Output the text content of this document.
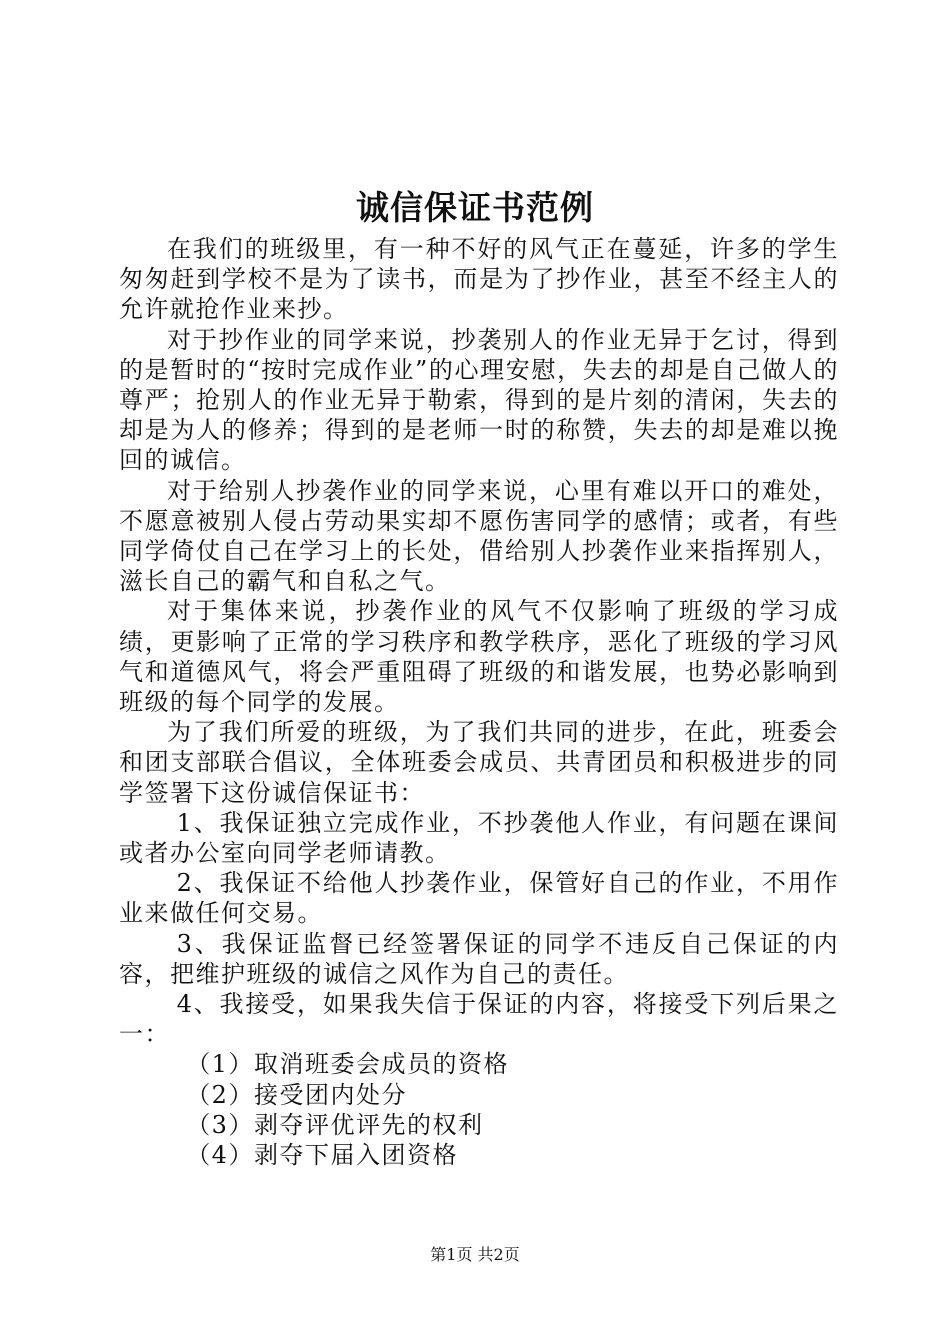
诚信保证书范例

在我们的班级里，有一种不好的风气正在蔓延，许多的学生匆匆赶到学校不是为了读书，而是为了抄作业，甚至不经主人的允许就抢作业来抄。

对于抄作业的同学来说，抄袭别人的作业无异于乞讨，得到的是暂时的“按时完成作业”的心理安慰，失去的却是自己做人的尊严；抢别人的作业无异于勒索，得到的是片刻的清闲，失去的却是为人的修养；得到的是老师一时的称赞，失去的却是难以挽回的诚信。

对于给别人抄袭作业的同学来说，心里有难以开口的难处，不愿意被别人侵占劳动果实却不愿伤害同学的感情；或者，有些同学倚仗自己在学习上的长处，借给别人抄袭作业来指挥别人，滋长自己的霸气和自私之气。

对于集体来说，抄袭作业的风气不仅影响了班级的学习成绩，更影响了正常的学习秩序和教学秩序，恶化了班级的学习风气和道德风气，将会严重阻碍了班级的和谐发展，也势必影响到班级的每个同学的发展。

为了我们所爱的班级，为了我们共同的进步，在此，班委会和团支部联合倡议，全体班委会成员、共青团员和积极进步的同学签署下这份诚信保证书：

1、我保证独立完成作业，不抄袭他人作业，有问题在课间或者办公室向同学老师请教。

2、我保证不给他人抄袭作业，保管好自己的作业，不用作业来做任何交易。

3、我保证监督已经签署保证的同学不违反自己保证的内容，把维护班级的诚信之风作为自己的责任。

4、我接受，如果我失信于保证的内容，将接受下列后果之一：

（1）取消班委会成员的资格

（2）接受团内处分

（3）剥夺评优评先的权利

（4）剥夺下届入团资格

第1页 共2页
